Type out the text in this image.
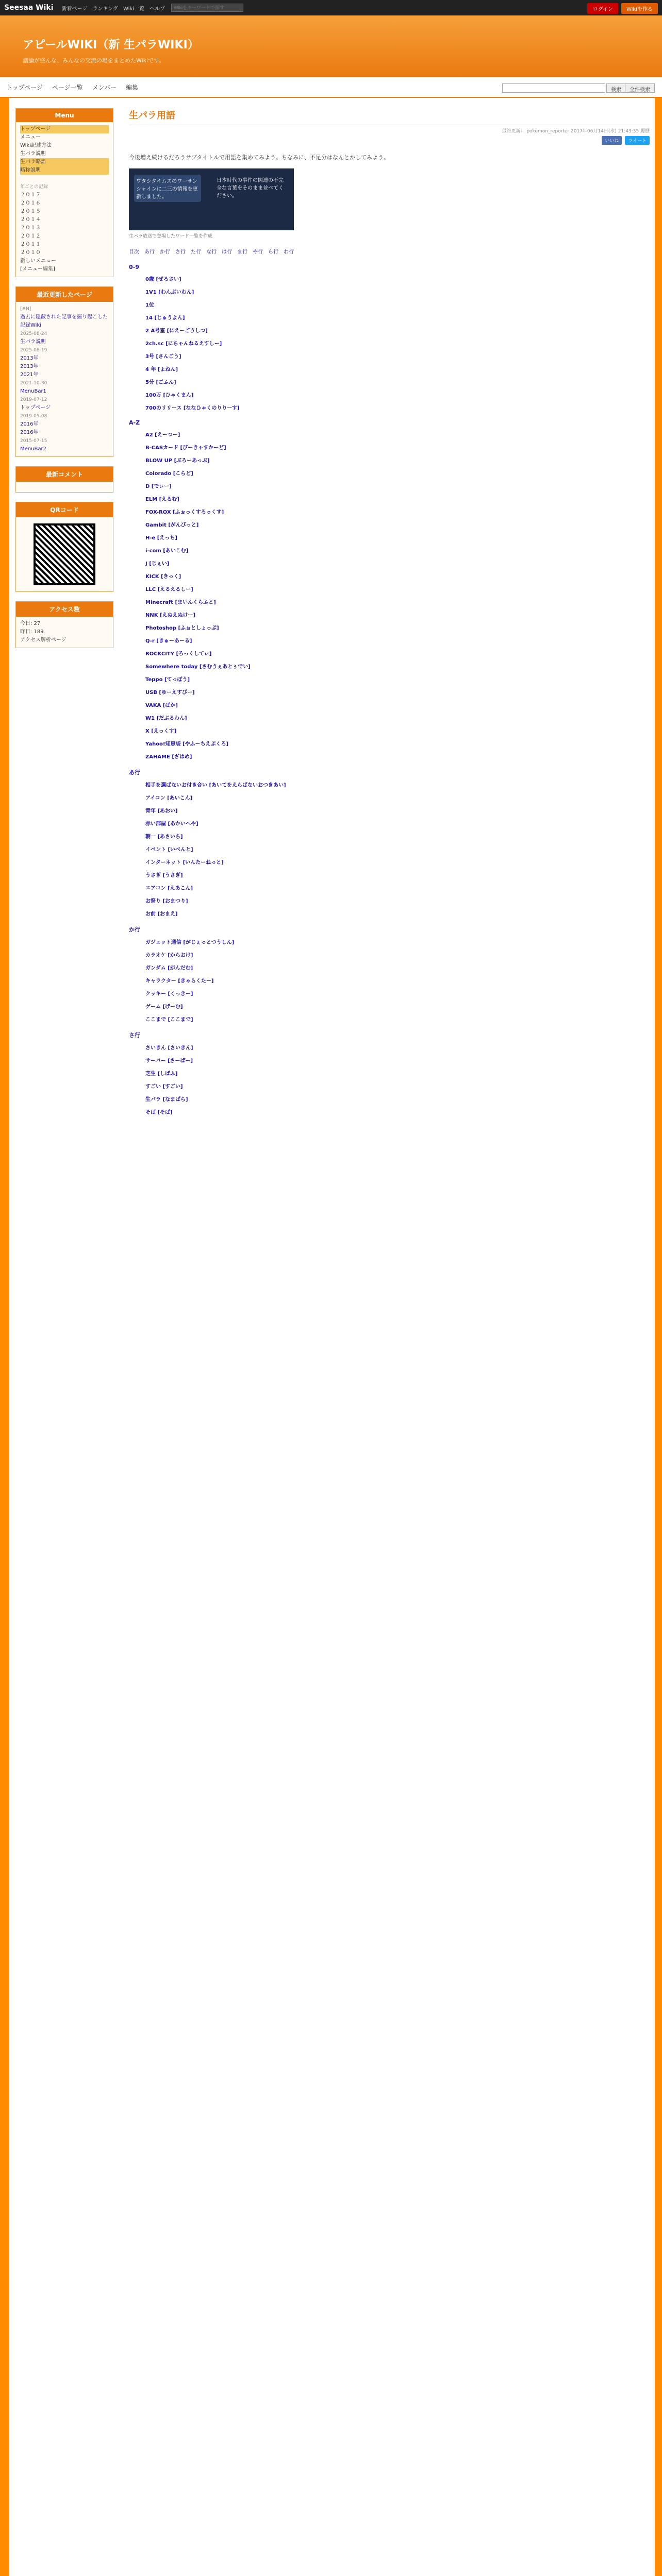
Seesaa Wiki 新着ページ ランキング Wiki一覧 ヘルプ
Wikiをキーワードで探す	ログイン	Wikiを作る
アピールWIKI（新 生パラWIKI）
議論が盛んな、みんなの交流の場をまとめたWikiです。
トップページ ページ一覧 メンバー 編集	検索	全件検索
Menu
トップページ
メニュー
Wiki記述方法
生パラ説明
生パラ略語
略称説明

年ごとの記録
２０１７
２０１６
２０１５
２０１４
２０１３
２０１２
２０１１
２０１０
新しいメニュー
[メニュー編集]
最近更新したページ
[#N]
過去に隠蔽された記事を掘り起こした記録Wiki
2025-08-24
生パラ説明
2025-08-19
2013年
2013年
2021年
2021-10-30
MenuBar1
2019-07-12
トップページ
2019-05-08
2016年
2016年
2015-07-15
MenuBar2
最新コメント
QRコード
アクセス数
今日: 27
昨日: 189
アクセス解析ページ
生パラ用語
最終更新： pokemon_reporter 2017年06月14日(水) 21:43:35 履歴
いいね	ツイート
今後増え続けるだろうサブタイトルで用語を集めてみよう。ちなみに、不足分はなんとかしてみよう。
ワタシタイムズのワーサンシャインに二三の情報を更新しました。
日本時代の事件の関連の不完全な言葉をそのまま並べてください。
生パラ放送で登場したワード一覧を作成
目次 あ行 か行 さ行 た行 な行 は行 ま行 や行 ら行 わ行
0-9
0歳 [ぜろさい]
1V1 [わんぶいわん]
1位
14 [じゅうよん]
2 A号室 [にえーごうしつ]
2ch.sc [にちゃんねるえすしー]
3号 [さんごう]
4 年 [よねん]
5分 [ごふん]
100万 [ひゃくまん]
700のリリース [ななひゃくのりりーす]
A-Z
A2 [えーつー]
B-CASカード [びーきゃすかーど]
BLOW UP [ぶろーあっぷ]
Colorado [こらど]
D [でぃー]
ELM [えるむ]
FOX-ROX [ふぉっくすろっくす]
Gambit [がんびっと]
H-e [えっち]
i-com [あいこむ]
J [じぇい]
KICK [きっく]
LLC [えるえるしー]
Minecraft [まいんくらふと]
NNK [えぬえぬけー]
Photoshop [ふぉとしょっぷ]
Q-r [きゅーあーる]
ROCKCITY [ろっくしてぃ]
Somewhere today [さむうぇあとぅでい]
Teppo [てっぽう]
USB [ゆーえすびー]
VAKA [ばか]
W1 [だぶるわん]
X [えっくす]
Yahoo!知恵袋 [やふーちえぶくろ]
ZAHAME [ざはめ]
あ行
相手を選ばないお付き合い [あいてをえらばないおつきあい]
アイコン [あいこん]
青年 [あおい]
赤い部屋 [あかいへや]
朝一 [あさいち]
イベント [いべんと]
インターネット [いんたーねっと]
うさぎ [うさぎ]
エアコン [えあこん]
お祭り [おまつり]
お前 [おまえ]
か行
ガジェット通信 [がじぇっとつうしん]
カラオケ [からおけ]
ガンダム [がんだむ]
キャラクター [きゃらくたー]
クッキー [くっきー]
ゲーム [げーむ]
ここまで [ここまで]
さ行
さいきん [さいきん]
サーバー [さーばー]
芝生 [しばふ]
すごい [すごい]
生パラ [なまぱら]
そば [そば]
